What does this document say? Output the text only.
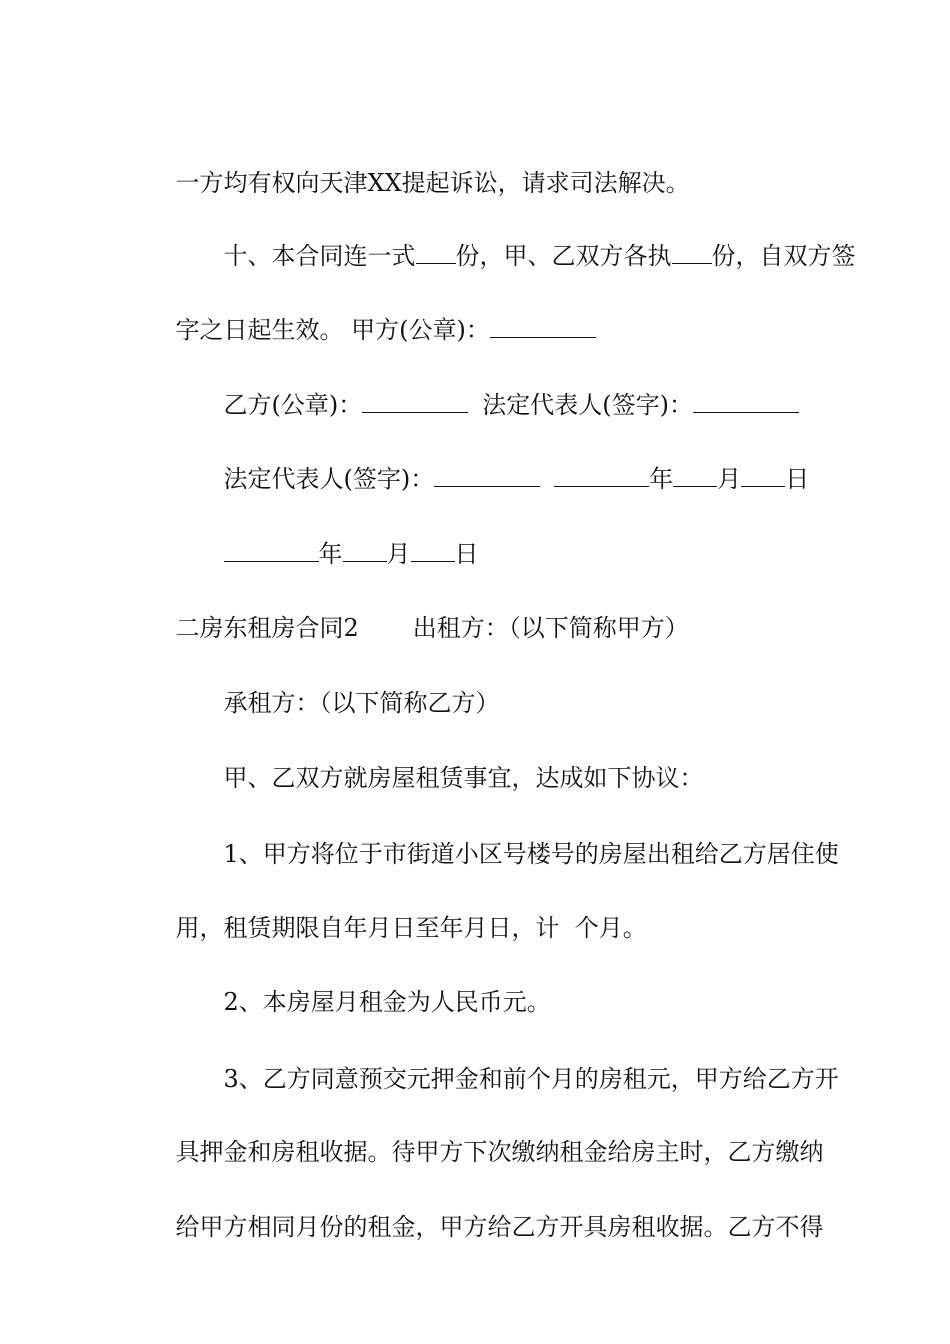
一方均有权向天津XX提起诉讼，请求司法解决。

十、本合同连一式 份，甲、乙双方各执 份，自双方签

字之日起生效。 甲方(公章)：

乙方(公章)：	法定代表人(签字)：

法定代表人(签字)：	年 月 日

年 月 日

二房东租房合同2 出租方：（以下简称甲方）

承租方：（以下简称乙方）

甲、乙双方就房屋租赁事宜，达成如下协议：

1、甲方将位于市街道小区号楼号的房屋出租给乙方居住使

用，租赁期限自年月日至年月日，计  个月。

2、本房屋月租金为人民币元。

3、乙方同意预交元押金和前个月的房租元，甲方给乙方开

具押金和房租收据。待甲方下次缴纳租金给房主时，乙方缴纳

给甲方相同月份的租金，甲方给乙方开具房租收据。乙方不得
